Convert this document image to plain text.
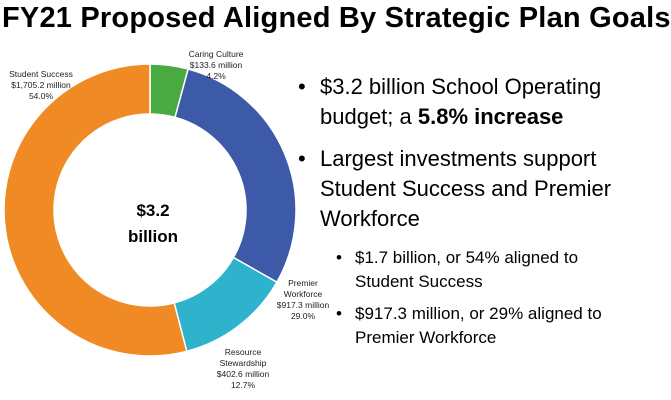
FY21 Proposed Aligned By Strategic Plan Goals
Caring Culture
$133.6 million
4.2%
Student Success
$1,705.2 million
54.0%
Premier
Workforce
$917.3 million
29.0%
Resource
Stewardship
$402.6 million
12.7%
$3.2
billion
• $3.2 billion School Operating
budget; a 5.8% increase
• Largest investments support
Student Success and Premier
Workforce
• $1.7 billion, or 54% aligned to
Student Success
• $917.3 million, or 29% aligned to
Premier Workforce
